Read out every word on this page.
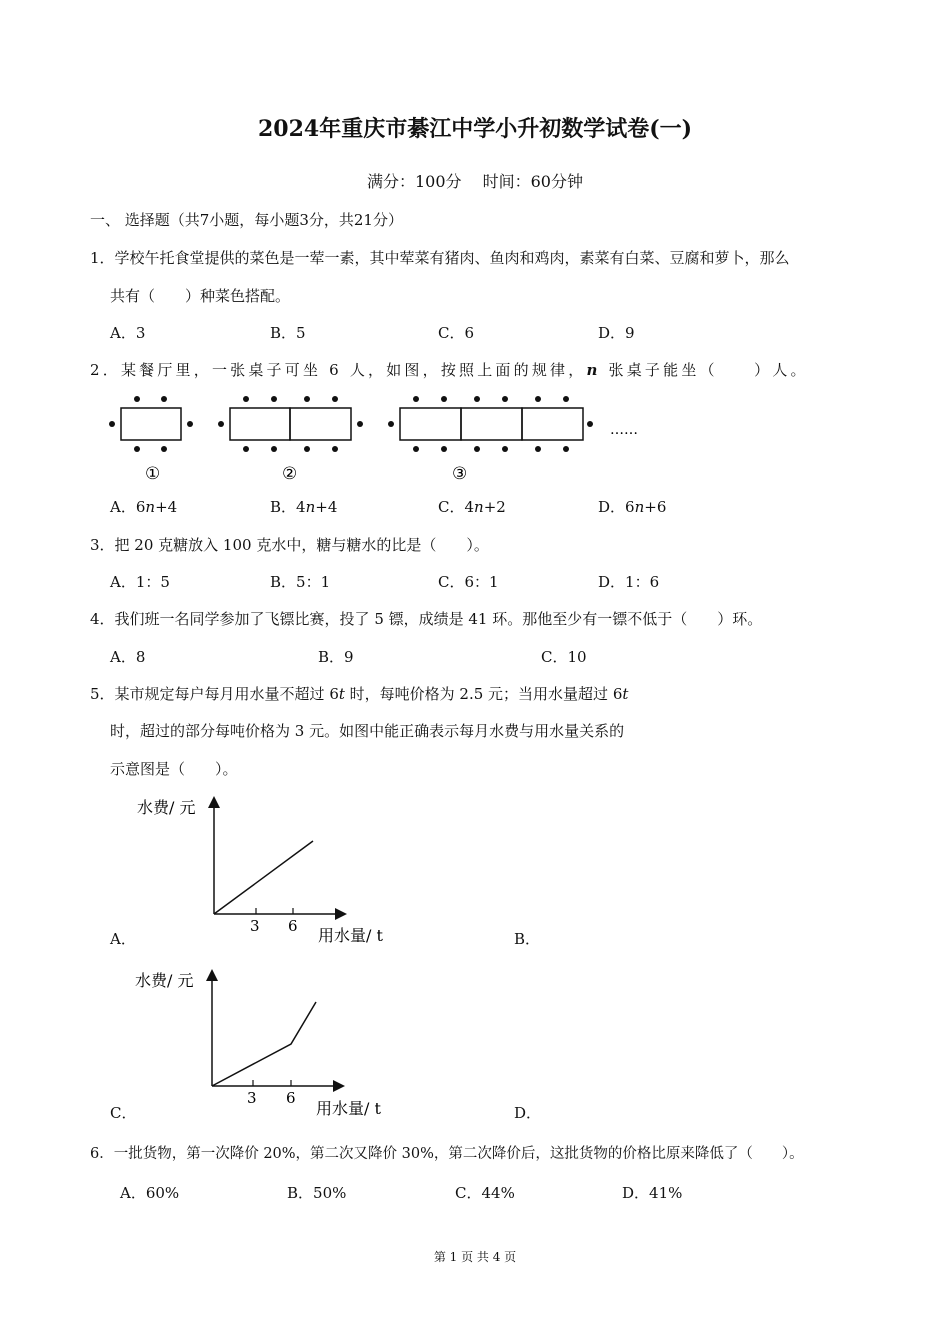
2024年重庆市綦江中学小升初数学试卷(一)
满分：100分　 时间：60分钟
一、 选择题（共7小题，每小题3分，共21分）
1．学校午托食堂提供的菜色是一荤一素，其中荤菜有猪肉、鱼肉和鸡肉，素菜有白菜、豆腐和萝卜，那么
共有（　　）种菜色搭配。
A．3	B．5	C．6	D．9
2．某餐厅里，一张桌子可坐 6 人，如图，按照上面的规律，n 张桌子能坐（　　）人。
……
①	②	③
A．6n+4	B．4n+4	C．4n+2	D．6n+6
3．把 20 克糖放入 100 克水中，糖与糖水的比是（　　）。
A．1：5	B．5：1	C．6：1	D．1：6
4．我们班一名同学参加了飞镖比赛，投了 5 镖，成绩是 41 环。那他至少有一镖不低于（　　）环。
A．8	B．9	C．10
5．某市规定每户每月用水量不超过 6t 时，每吨价格为 2.5 元；当用水量超过 6t
时，超过的部分每吨价格为 3 元。如图中能正确表示每月水费与用水量关系的
示意图是（　　）。
水费/ 元
3 6 用水量/ t
A．	B．
水费/ 元
3 6
用水量/ t
C．	D．
6．一批货物，第一次降价 20%，第二次又降价 30%，第二次降价后，这批货物的价格比原来降低了（　　）。
A．60%	B．50%	C．44%	D．41%
第 1 页 共 4 页
